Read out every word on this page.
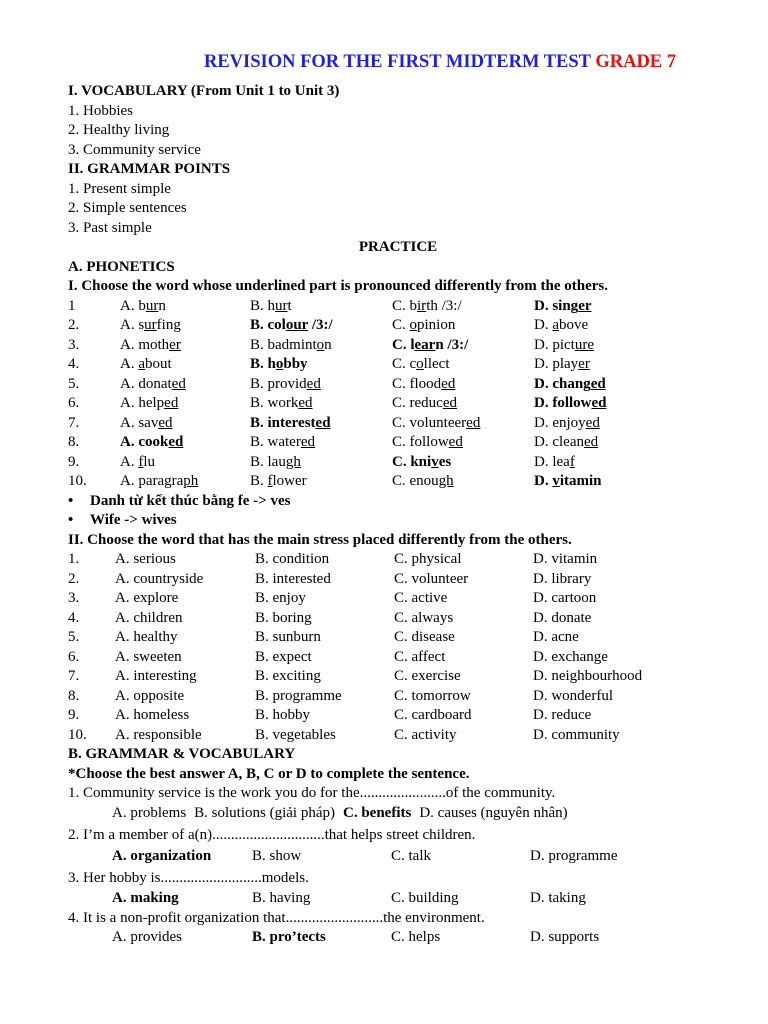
REVISION FOR THE FIRST MIDTERM TEST GRADE 7
I. VOCABULARY (From Unit 1 to Unit 3)
1. Hobbies
2. Healthy living
3. Community service
II. GRAMMAR POINTS
1. Present simple
2. Simple sentences
3. Past simple
PRACTICE
A. PHONETICS
I. Choose the word whose underlined part is pronounced differently from the others.
1	A. burn	B. hurt	C. birth /3:/	D. singer
2.	A. surfing	B. colour /3:/	C. opinion	D. above
3.	A. mother	B. badminton	C. learn /3:/	D. picture
4.	A. about	B. hobby	C. collect	D. player
5.	A. donated	B. provided	C. flooded	D. changed
6.	A. helped	B. worked	C. reduced	D. followed
7.	A. saved	B. interested	C. volunteered	D. enjoyed
8.	A. cooked	B. watered	C. followed	D. cleaned
9.	A. flu	B. laugh	C. knives	D. leaf
10.	A. paragraph	B. flower	C. enough	D. vitamin
•	Danh từ kết thúc bằng fe -> ves
•	Wife -> wives
II. Choose the word that has the main stress placed differently from the others.
1.	A. serious	B. condition	C. physical	D. vitamin
2.	A. countryside	B. interested	C. volunteer	D. library
3.	A. explore	B. enjoy	C. active	D. cartoon
4.	A. children	B. boring	C. always	D. donate
5.	A. healthy	B. sunburn	C. disease	D. acne
6.	A. sweeten	B. expect	C. affect	D. exchange
7.	A. interesting	B. exciting	C. exercise	D. neighbourhood
8.	A. opposite	B. programme	C. tomorrow	D. wonderful
9.	A. homeless	B. hobby	C. cardboard	D. reduce
10.	A. responsible	B. vegetables	C. activity	D. community
B. GRAMMAR & VOCABULARY
*Choose the best answer A, B, C or D to complete the sentence.
1. Community service is the work you do for the.......................of the community.
A. problems B. solutions (giải pháp) C. benefits D. causes (nguyên nhân)
2. I’m a member of a(n)..............................that helps street children.
A. organization	B. show	C. talk	D. programme
3. Her hobby is...........................models.
A. making	B. having	C. building	D. taking
4. It is a non-profit organization that..........................the environment.
A. provides	B. pro’tects	C. helps	D. supports
